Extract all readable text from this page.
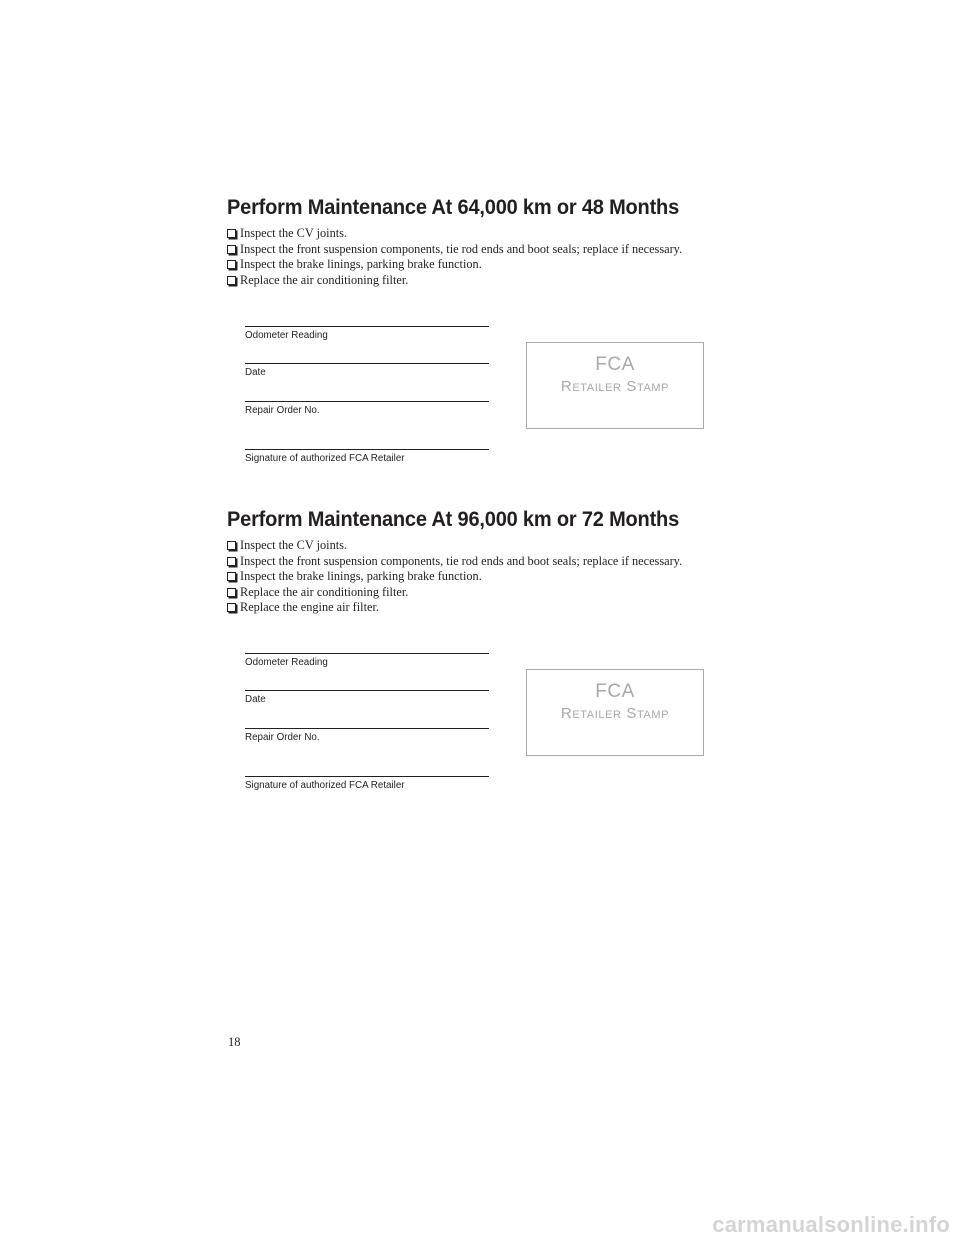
Perform Maintenance At 64,000 km or 48 Months
Inspect the CV joints.
Inspect the front suspension components, tie rod ends and boot seals; replace if necessary.
Inspect the brake linings, parking brake function.
Replace the air conditioning filter.
Odometer Reading
Date
Repair Order No.
Signature of authorized FCA Retailer
FCA
Retailer Stamp
Perform Maintenance At 96,000 km or 72 Months
Inspect the CV joints.
Inspect the front suspension components, tie rod ends and boot seals; replace if necessary.
Inspect the brake linings, parking brake function.
Replace the air conditioning filter.
Replace the engine air filter.
Odometer Reading
Date
Repair Order No.
Signature of authorized FCA Retailer
FCA
Retailer Stamp
18
carmanualsonline.info
